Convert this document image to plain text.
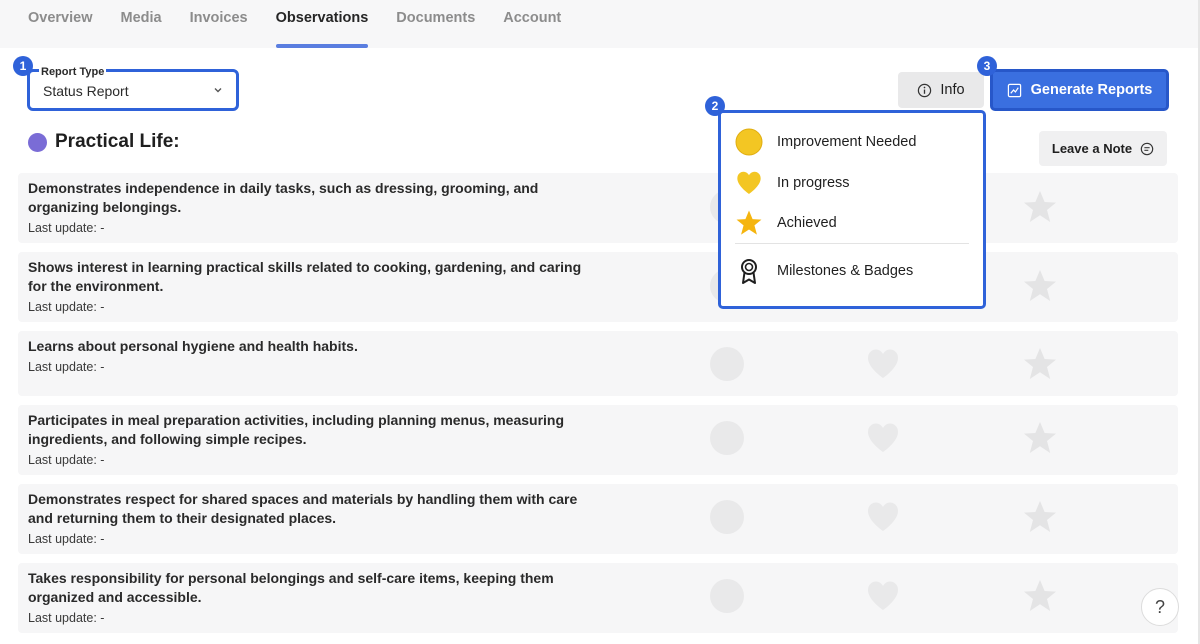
Overview Media Invoices Observations Documents Account
1
2
3
Report Type
Status Report	Info	Generate Reports
Practical Life:	Leave a Note
Demonstrates independence in daily tasks, such as dressing, grooming, and organizing belongings.
Last update: -
Shows interest in learning practical skills related to cooking, gardening, and caring for the environment.
Last update: -
Learns about personal hygiene and health habits.
Last update: -
Participates in meal preparation activities, including planning menus, measuring ingredients, and following simple recipes.
Last update: -
Demonstrates respect for shared spaces and materials by handling them with care and returning them to their designated places.
Last update: -
Takes responsibility for personal belongings and self-care items, keeping them organized and accessible.
Last update: -
Improvement Needed
In progress
Achieved
Milestones & Badges
?
